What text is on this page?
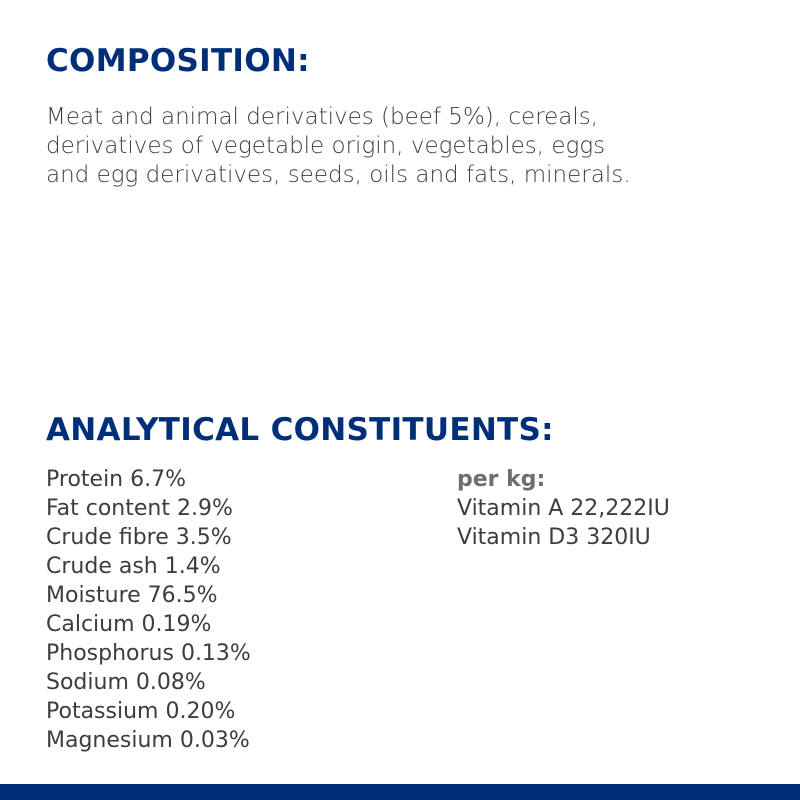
COMPOSITION:

Meat and animal derivatives (beef 5%), cereals,
derivatives of vegetable origin, vegetables, eggs
and egg derivatives, seeds, oils and fats, minerals.

ANALYTICAL CONSTITUENTS:
Protein 6.7%
Fat content 2.9%
Crude fibre 3.5%
Crude ash 1.4%
Moisture 76.5%
Calcium 0.19%
Phosphorus 0.13%
Sodium 0.08%
Potassium 0.20%
Magnesium 0.03%
per kg:
Vitamin A 22,222IU
Vitamin D3 320IU
